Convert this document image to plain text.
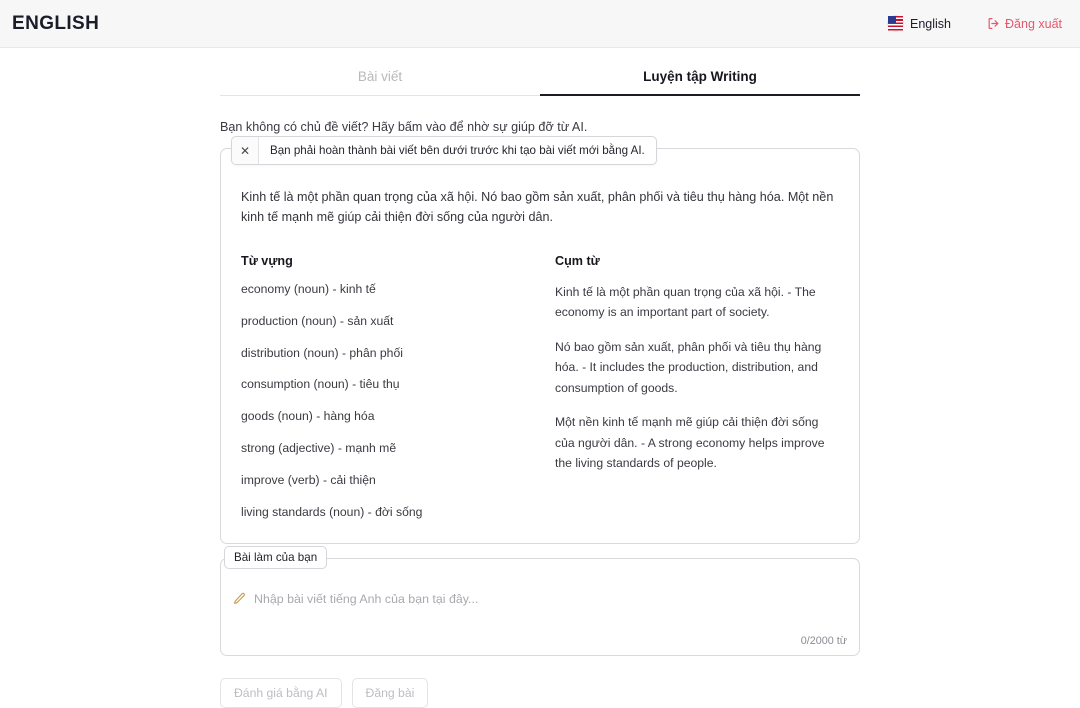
ENGLISH	English	Đăng xuất
Bài viết	Luyện tập Writing
Bạn không có chủ đề viết? Hãy bấm vào để nhờ sự giúp đỡ từ AI.
✕	Bạn phải hoàn thành bài viết bên dưới trước khi tạo bài viết mới bằng AI.
Kinh tế là một phần quan trọng của xã hội. Nó bao gồm sản xuất, phân phối và tiêu thụ hàng hóa. Một nền kinh tế mạnh mẽ giúp cải thiện đời sống của người dân.
Từ vựng
economy (noun) - kinh tế
production (noun) - sản xuất
distribution (noun) - phân phối
consumption (noun) - tiêu thụ
goods (noun) - hàng hóa
strong (adjective) - mạnh mẽ
improve (verb) - cải thiện
living standards (noun) - đời sống
Cụm từ
Kinh tế là một phần quan trọng của xã hội. - The economy is an important part of society.
Nó bao gồm sản xuất, phân phối và tiêu thụ hàng hóa. - It includes the production, distribution, and consumption of goods.
Một nền kinh tế mạnh mẽ giúp cải thiện đời sống của người dân. - A strong economy helps improve the living standards of people.
Bài làm của bạn
Nhập bài viết tiếng Anh của bạn tại đây...
0/2000 từ
Đánh giá bằng AI	Đăng bài
